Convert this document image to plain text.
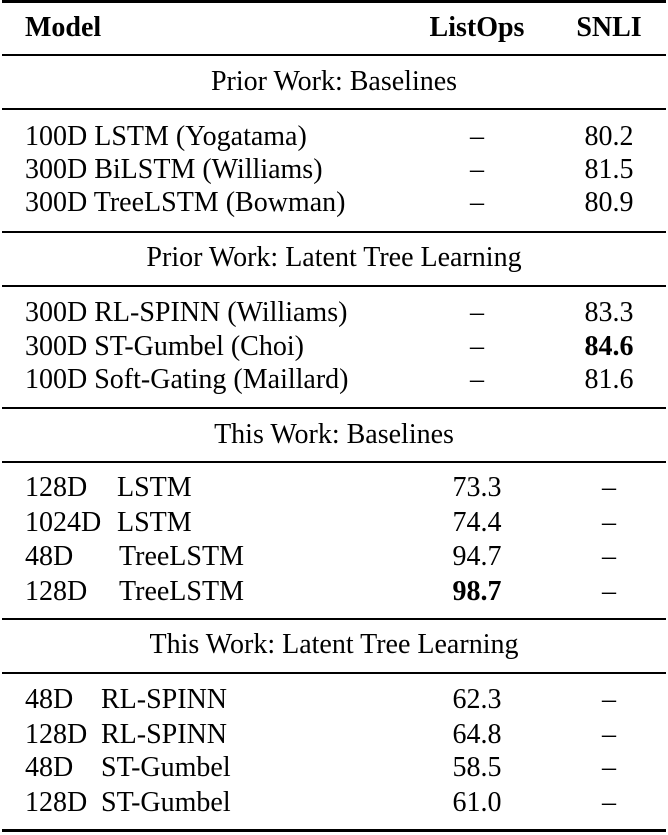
Model	ListOps	SNLI
Prior Work: Baselines
100D LSTM (Yogatama)	–	80.2
300D BiLSTM (Williams)	–	81.5
300D TreeLSTM (Bowman)	–	80.9
Prior Work: Latent Tree Learning
300D RL-SPINN (Williams)	–	83.3
300D ST-Gumbel (Choi)	–	84.6
100D Soft-Gating (Maillard)	–	81.6
This Work: Baselines
128D LSTM	73.3	–
1024D LSTM	74.4	–
48D TreeLSTM	94.7	–
128D TreeLSTM	98.7	–
This Work: Latent Tree Learning
48D RL-SPINN	62.3	–
128D RL-SPINN	64.8	–
48D ST-Gumbel	58.5	–
128D ST-Gumbel	61.0	–
